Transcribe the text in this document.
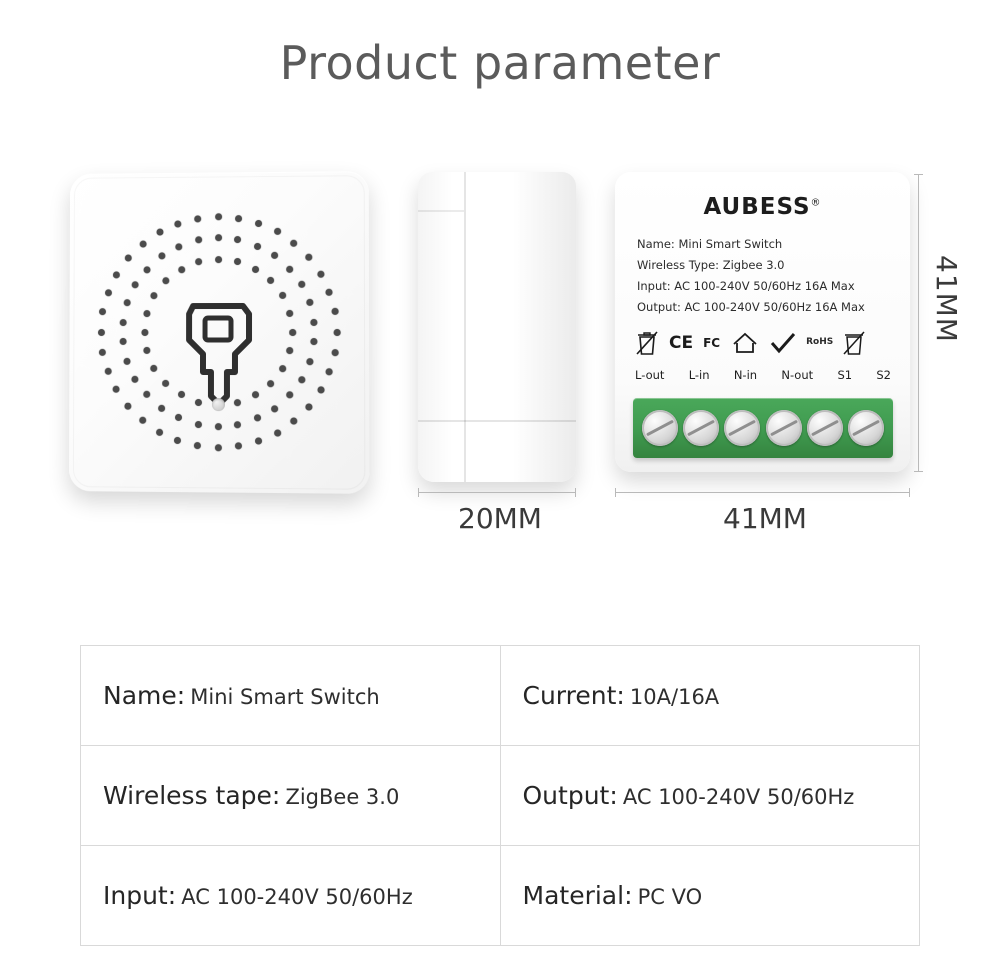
Product parameter
AUBESS®
Name: Mini Smart Switch
Wireless Type: Zigbee 3.0
Input: AC 100-240V 50/60Hz 16A Max
Output: AC 100-240V 50/60Hz 16A Max
CE FC	RoHS
L-out L-in N-in N-out S1 S2
20MM	41MM
41MM
Name: Mini Smart Switch	Current: 10A/16A
Wireless tape: ZigBee 3.0	Output: AC 100-240V 50/60Hz
Input: AC 100-240V 50/60Hz	Material: PC VO
